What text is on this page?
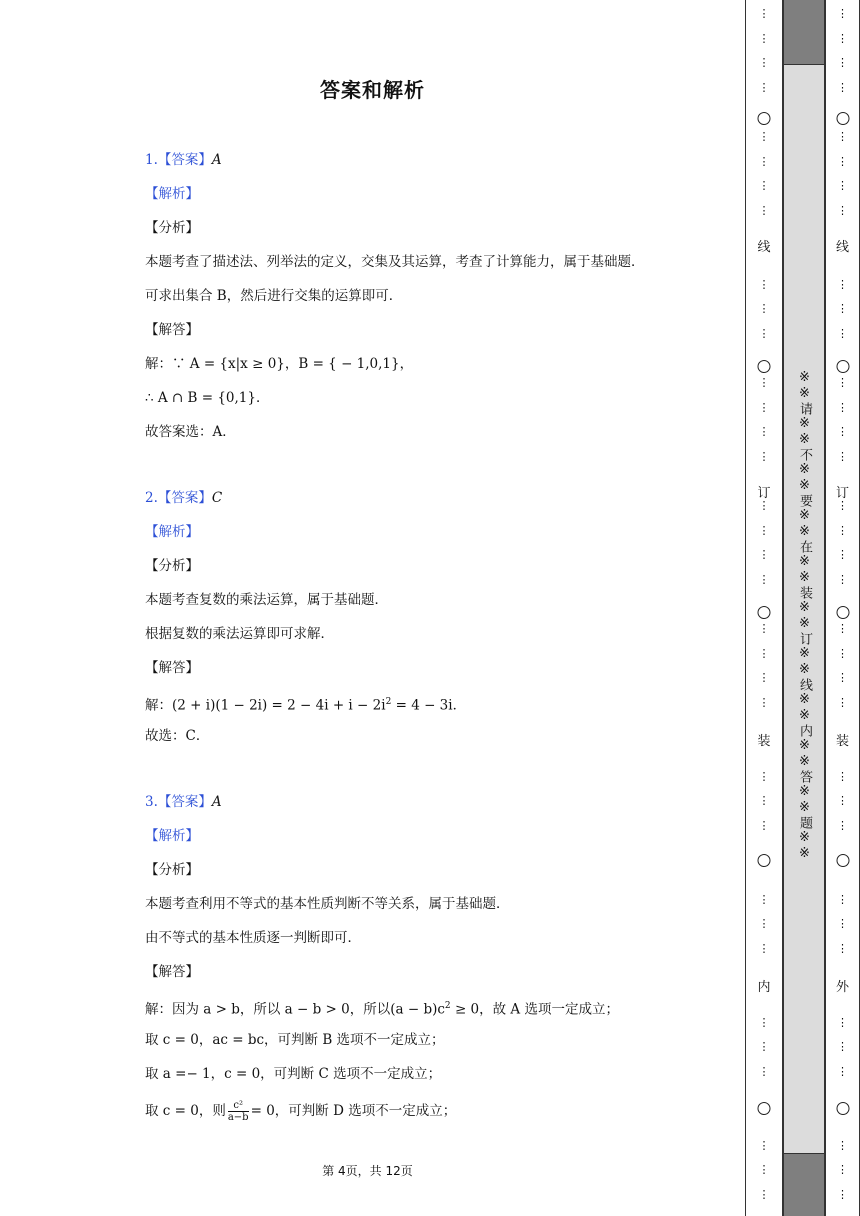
答案和解析
1.【答案】A
【解析】
【分析】
本题考查了描述法、列举法的定义，交集及其运算，考查了计算能力，属于基础题．
可求出集合 B，然后进行交集的运算即可．
【解答】
解：∵ A = {x|x ≥ 0}，B = { − 1,0,1}，
∴ A ∩ B = {0,1}．
故答案选：A．
2.【答案】C
【解析】
【分析】
本题考查复数的乘法运算，属于基础题．
根据复数的乘法运算即可求解．
【解答】
解：$(2 + i)(1 - 2i) = 2 - 4i + i - 2i^2 = 4 - 3i$．
故选：C．
3.【答案】A
【解析】
【分析】
本题考查利用不等式的基本性质判断不等关系，属于基础题．
由不等式的基本性质逐一判断即可．
【解答】
解：因为 a > b，所以 a − b > 0，所以$(a - b)c^2 \ge 0$，故 A 选项一定成立；
取 c = 0，ac = bc，可判断 B 选项不一定成立；
取 a =− 1，c = 0，可判断 C 选项不一定成立；
取 c = 0，则 $\frac{\text{c²}}{a-b} = 0$，可判断 D 选项不一定成立；
第 4页，共 12页
⋮
⋮
⋮
⋮
⋮
⋮
⋮
⋮
⋮
⋮
⋮
⋮
⋮
⋮
⋮
⋮
⋮
⋮
⋮
⋮
⋮
⋮
⋮
⋮
⋮
⋮
⋮
⋮
⋮
⋮
⋮
⋮
⋮
⋮
⋮
线
订
装
内
※※请※※不※※要※※在※※装※※订※※线※※内※※答※※题※※
⋮
⋮
⋮
⋮
⋮
⋮
⋮
⋮
⋮
⋮
⋮
⋮
⋮
⋮
⋮
⋮
⋮
⋮
⋮
⋮
⋮
⋮
⋮
⋮
⋮
⋮
⋮
⋮
⋮
⋮
⋮
⋮
⋮
⋮
⋮
线
订
装
外
